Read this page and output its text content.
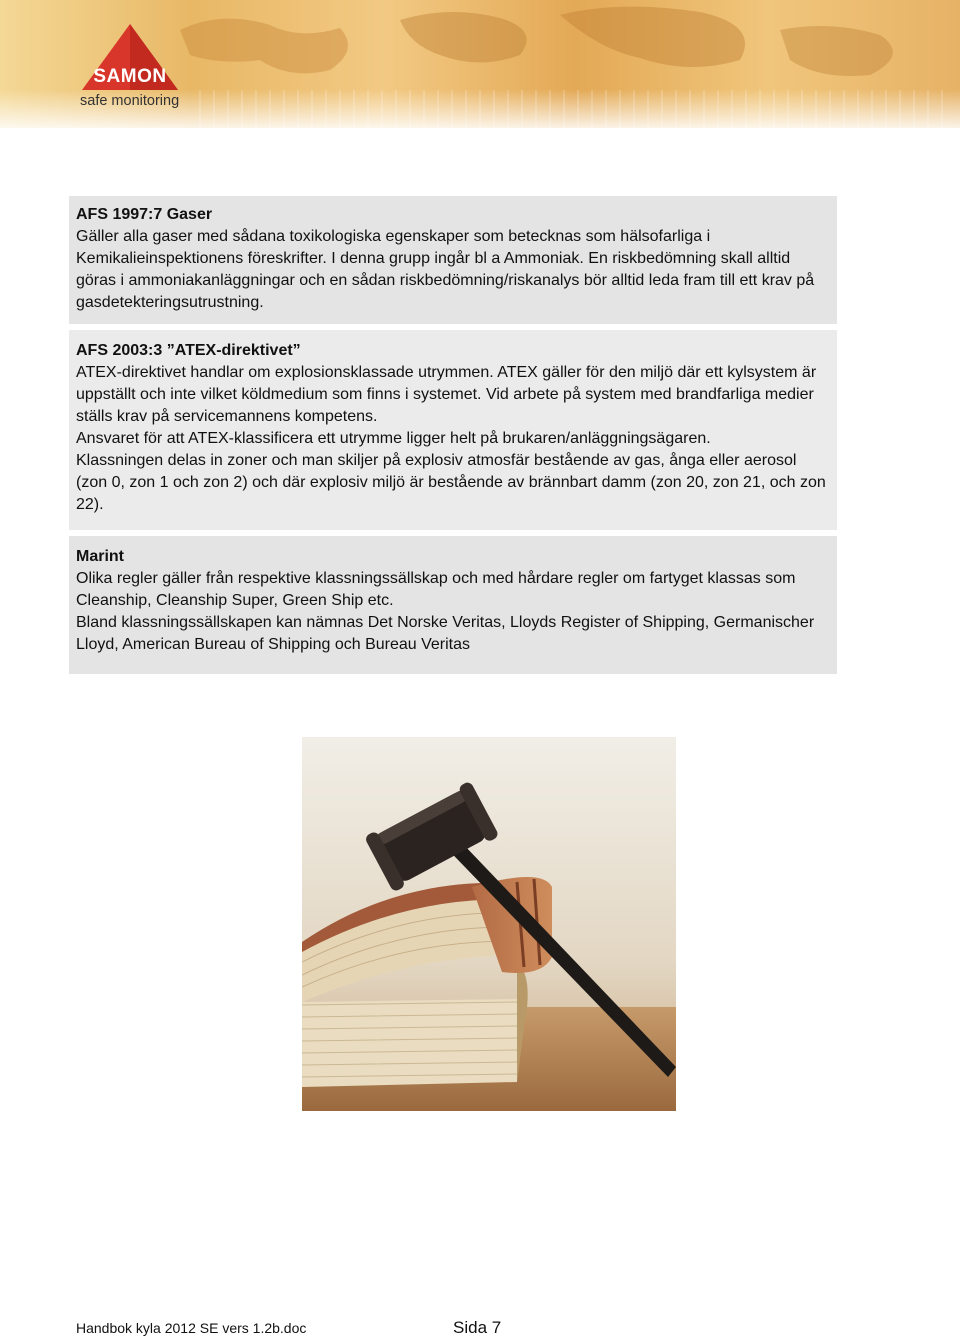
SAMON
safe monitoring

AFS 1997:7 Gaser

Gäller alla gaser med sådana toxikologiska egenskaper som betecknas som hälsofarliga i Kemikalieinspektionens föreskrifter. I denna grupp ingår bl a Ammoniak. En riskbedömning skall alltid göras i ammoniakanläggningar och en sådan riskbedömning/riskanalys bör alltid leda fram till ett krav på gasdetekteringsutrustning.

AFS 2003:3 ”ATEX-direktivet”

ATEX-direktivet handlar om explosionsklassade utrymmen. ATEX gäller för den miljö där ett kylsystem är uppställt och inte vilket köldmedium som finns i systemet. Vid arbete på system med brandfarliga medier ställs krav på servicemannens kompetens.

Ansvaret för att ATEX-klassificera ett utrymme ligger helt på brukaren/anläggningsägaren.

Klassningen delas in zoner och man skiljer på explosiv atmosfär bestående av gas, ånga eller aerosol (zon 0, zon 1 och zon 2) och där explosiv miljö är bestående av brännbart damm (zon 20, zon 21, och zon 22).

Marint

Olika regler gäller från respektive klassningssällskap och med hårdare regler om fartyget klassas som Cleanship, Cleanship Super, Green Ship etc.

Bland klassningssällskapen kan nämnas Det Norske Veritas, Lloyds Register of Shipping, Germanischer Lloyd, American Bureau of Shipping och Bureau Veritas

Handbok kyla 2012 SE vers 1.2b.doc	Sida 7
